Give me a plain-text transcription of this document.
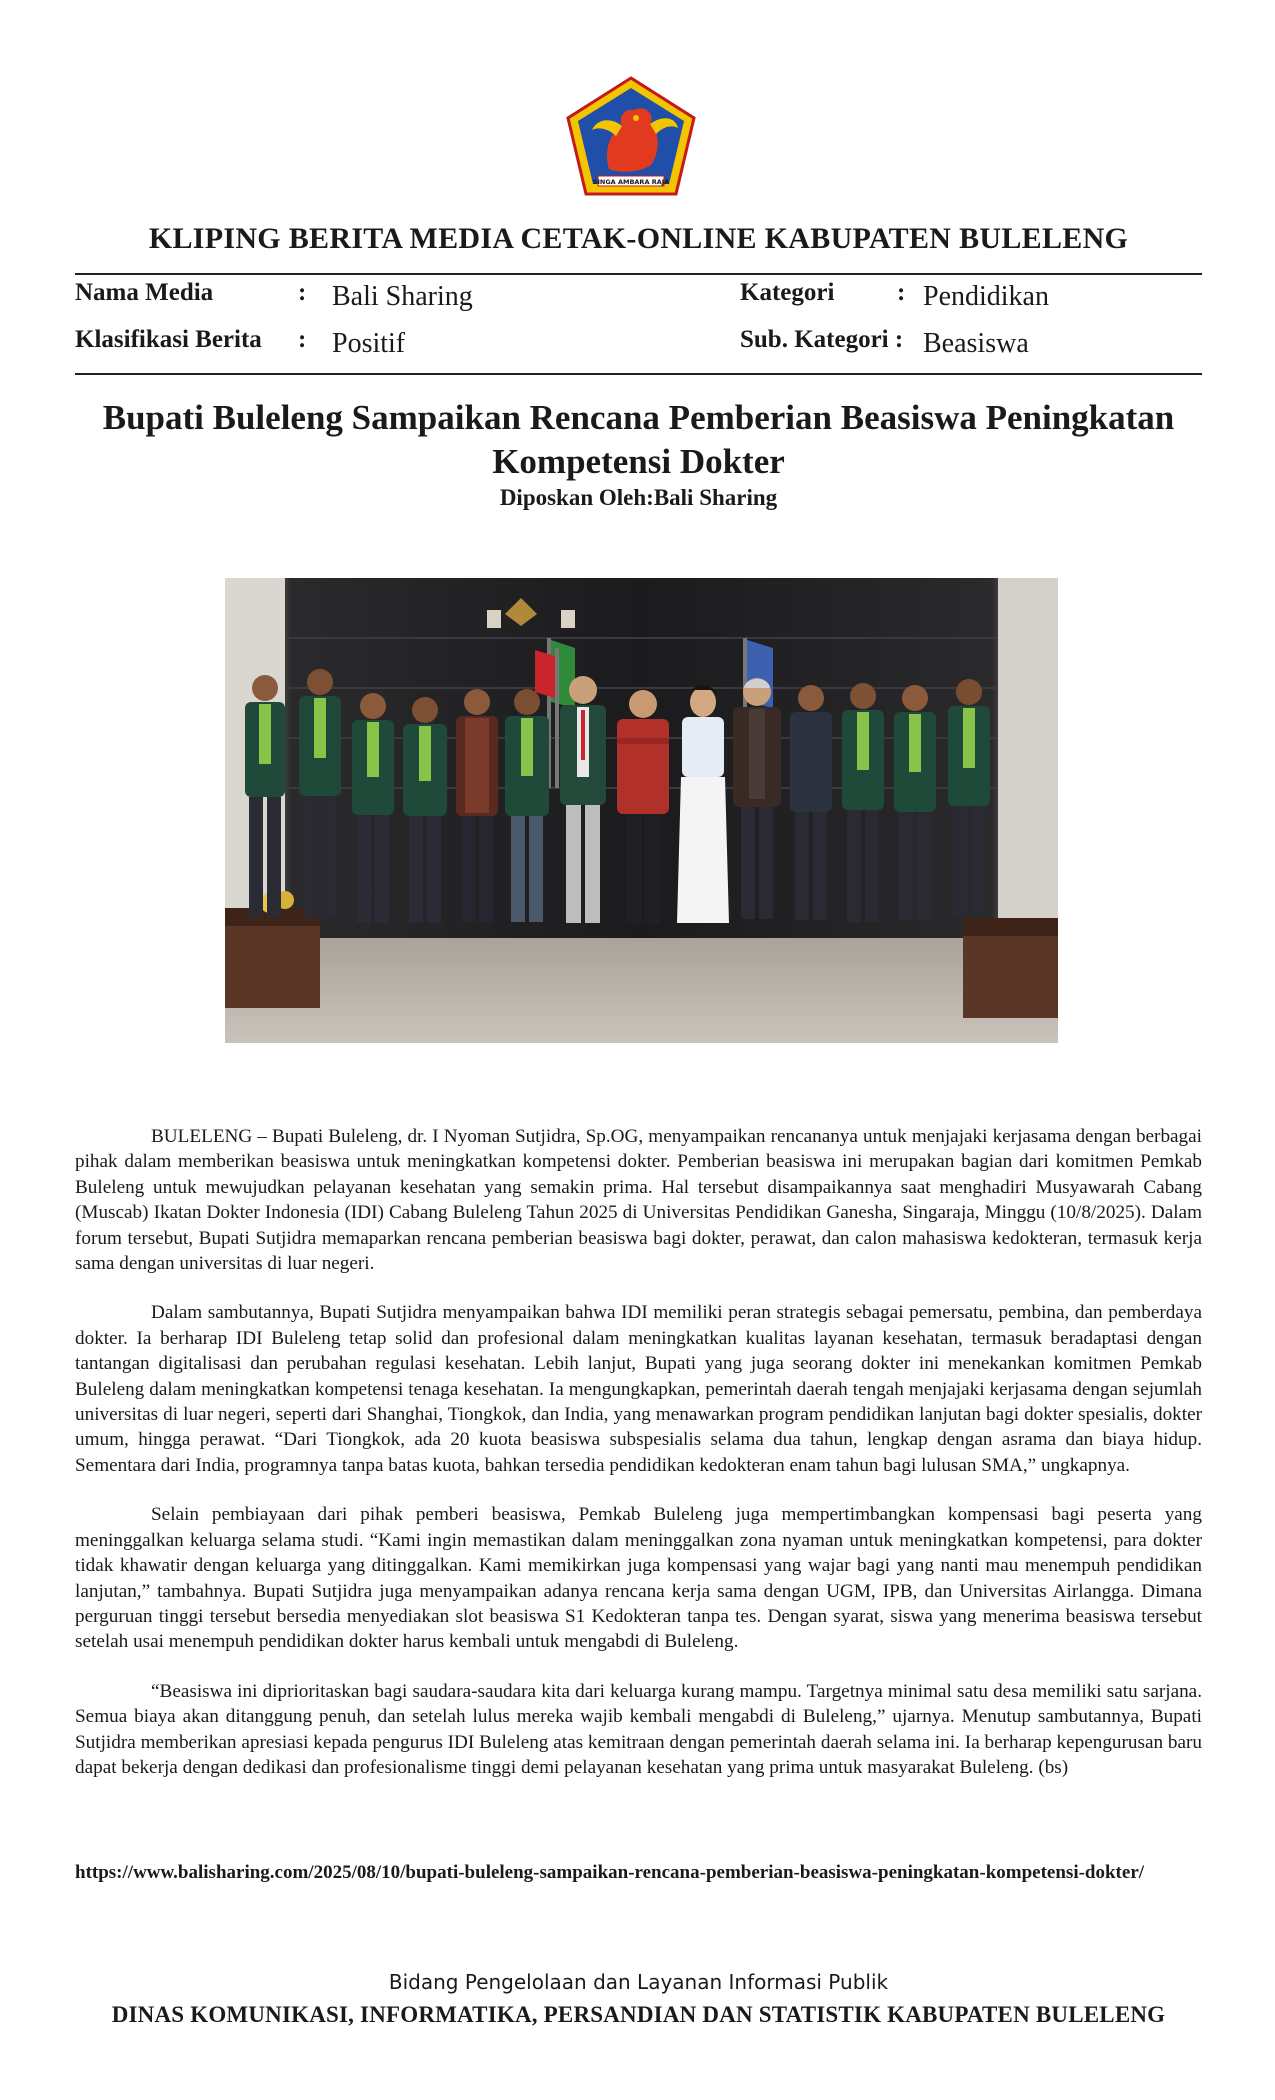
SINGA AMBARA RAJA
KLIPING BERITA MEDIA CETAK-ONLINE KABUPATEN BULELENG
Nama Media	: Bali Sharing	Kategori	: Pendidikan
Klasifikasi Berita : Positif	Sub. Kategori : Beasiswa
Bupati Buleleng Sampaikan Rencana Pemberian Beasiswa Peningkatan
Kompetensi Dokter
Diposkan Oleh:Bali Sharing

BULELENG – Bupati Buleleng, dr. I Nyoman Sutjidra, Sp.OG, menyampaikan rencananya untuk menjajaki kerjasama dengan berbagai pihak dalam memberikan beasiswa untuk meningkatkan kompetensi dokter. Pemberian beasiswa ini merupakan bagian dari komitmen Pemkab Buleleng untuk mewujudkan pelayanan kesehatan yang semakin prima. Hal tersebut disampaikannya saat menghadiri Musyawarah Cabang (Muscab) Ikatan Dokter Indonesia (IDI) Cabang Buleleng Tahun 2025 di Universitas Pendidikan Ganesha, Singaraja, Minggu (10/8/2025). Dalam forum tersebut, Bupati Sutjidra memaparkan rencana pemberian beasiswa bagi dokter, perawat, dan calon mahasiswa kedokteran, termasuk kerja sama dengan universitas di luar negeri.

Dalam sambutannya, Bupati Sutjidra menyampaikan bahwa IDI memiliki peran strategis sebagai pemersatu, pembina, dan pemberdaya dokter. Ia berharap IDI Buleleng tetap solid dan profesional dalam meningkatkan kualitas layanan kesehatan, termasuk beradaptasi dengan tantangan digitalisasi dan perubahan regulasi kesehatan. Lebih lanjut, Bupati yang juga seorang dokter ini menekankan komitmen Pemkab Buleleng dalam meningkatkan kompetensi tenaga kesehatan. Ia mengungkapkan, pemerintah daerah tengah menjajaki kerjasama dengan sejumlah universitas di luar negeri, seperti dari Shanghai, Tiongkok, dan India, yang menawarkan program pendidikan lanjutan bagi dokter spesialis, dokter umum, hingga perawat. “Dari Tiongkok, ada 20 kuota beasiswa subspesialis selama dua tahun, lengkap dengan asrama dan biaya hidup. Sementara dari India, programnya tanpa batas kuota, bahkan tersedia pendidikan kedokteran enam tahun bagi lulusan SMA,” ungkapnya.

Selain pembiayaan dari pihak pemberi beasiswa, Pemkab Buleleng juga mempertimbangkan kompensasi bagi peserta yang meninggalkan keluarga selama studi. “Kami ingin memastikan dalam meninggalkan zona nyaman untuk meningkatkan kompetensi, para dokter tidak khawatir dengan keluarga yang ditinggalkan. Kami memikirkan juga kompensasi yang wajar bagi yang nanti mau menempuh pendidikan lanjutan,” tambahnya. Bupati Sutjidra juga menyampaikan adanya rencana kerja sama dengan UGM, IPB, dan Universitas Airlangga. Dimana perguruan tinggi tersebut bersedia menyediakan slot beasiswa S1 Kedokteran tanpa tes. Dengan syarat, siswa yang menerima beasiswa tersebut setelah usai menempuh pendidikan dokter harus kembali untuk mengabdi di Buleleng.

“Beasiswa ini diprioritaskan bagi saudara-saudara kita dari keluarga kurang mampu. Targetnya minimal satu desa memiliki satu sarjana. Semua biaya akan ditanggung penuh, dan setelah lulus mereka wajib kembali mengabdi di Buleleng,” ujarnya. Menutup sambutannya, Bupati Sutjidra memberikan apresiasi kepada pengurus IDI Buleleng atas kemitraan dengan pemerintah daerah selama ini. Ia berharap kepengurusan baru dapat bekerja dengan dedikasi dan profesionalisme tinggi demi pelayanan kesehatan yang prima untuk masyarakat Buleleng. (bs)

https://www.balisharing.com/2025/08/10/bupati-buleleng-sampaikan-rencana-pemberian-beasiswa-peningkatan-kompetensi-dokter/
Bidang Pengelolaan dan Layanan Informasi Publik
DINAS KOMUNIKASI, INFORMATIKA, PERSANDIAN DAN STATISTIK KABUPATEN BULELENG
